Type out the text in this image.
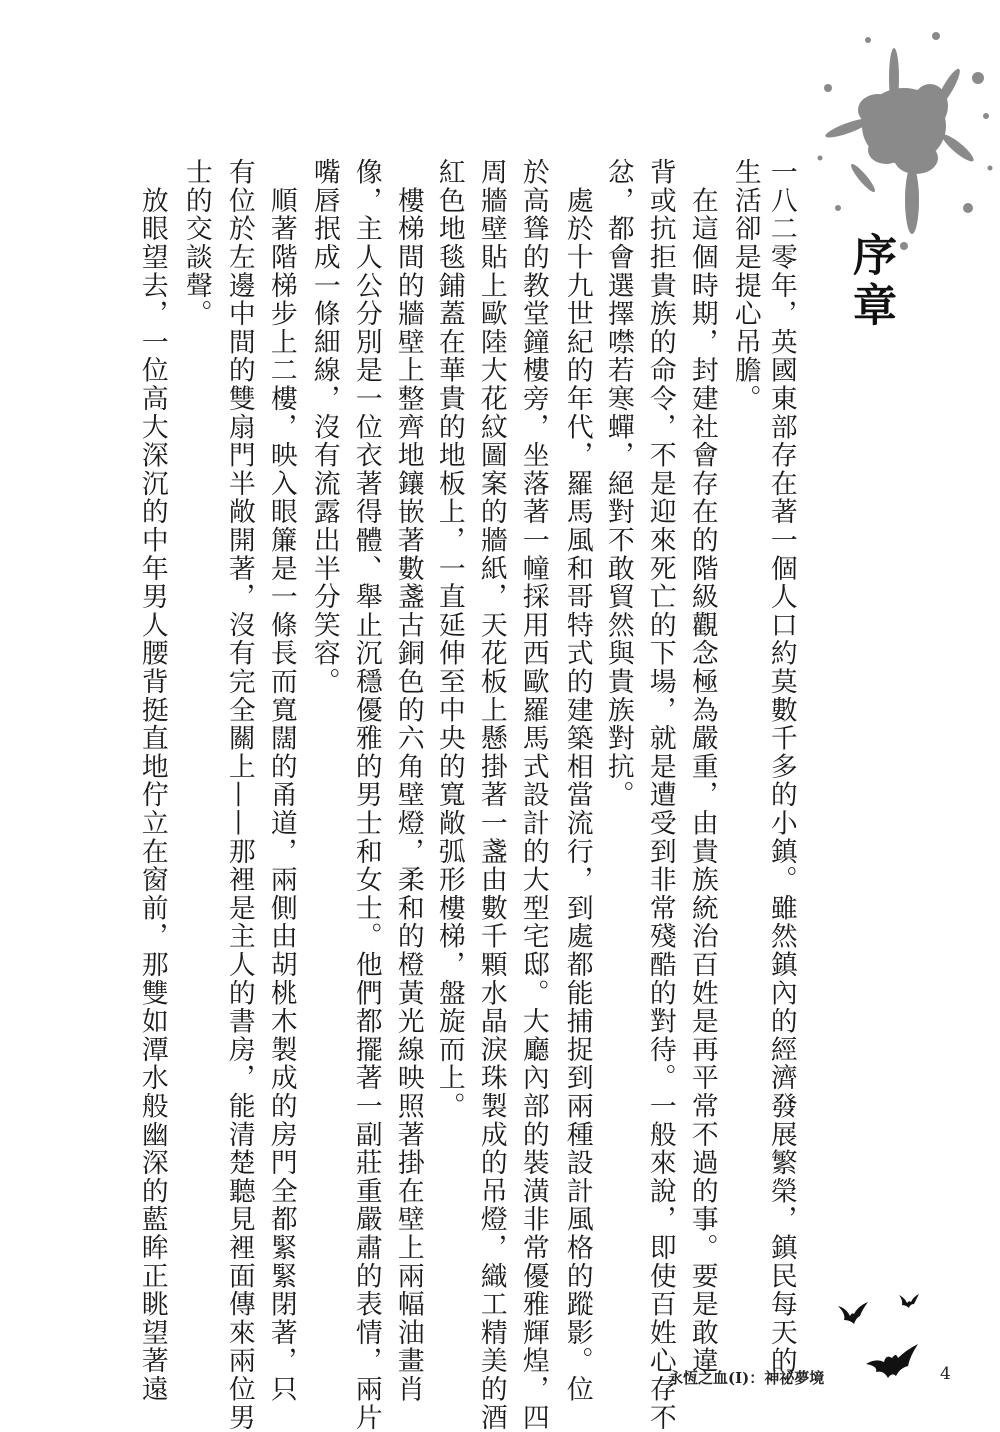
序章
一八二零年，英國東部存在著一個人口約莫數千多的小鎮。雖然鎮內的經濟發展繁榮，鎮民每天的
生活卻是提心吊膽。
　在這個時期，封建社會存在的階級觀念極為嚴重，由貴族統治百姓是再平常不過的事。要是敢違
背或抗拒貴族的命令，不是迎來死亡的下場，就是遭受到非常殘酷的對待。一般來說，即使百姓心存不
忿，都會選擇噤若寒蟬，絕對不敢貿然與貴族對抗。
　處於十九世紀的年代，羅馬風和哥特式的建築相當流行，到處都能捕捉到兩種設計風格的蹤影。位
於高聳的教堂鐘樓旁，坐落著一幢採用西歐羅馬式設計的大型宅邸。大廳內部的裝潢非常優雅輝煌，四
周牆壁貼上歐陸大花紋圖案的牆紙，天花板上懸掛著一盞由數千顆水晶淚珠製成的吊燈，織工精美的酒
紅色地毯鋪蓋在華貴的地板上，一直延伸至中央的寬敞弧形樓梯，盤旋而上。
　樓梯間的牆壁上整齊地鑲嵌著數盞古銅色的六角壁燈，柔和的橙黃光線映照著掛在壁上兩幅油畫肖
像，主人公分別是一位衣著得體、舉止沉穩優雅的男士和女士。他們都擺著一副莊重嚴肅的表情，兩片
嘴唇抿成一條細線，沒有流露出半分笑容。
　順著階梯步上二樓，映入眼簾是一條長而寬闊的甬道，兩側由胡桃木製成的房門全都緊緊閉著，只
有位於左邊中間的雙扇門半敞開著，沒有完全關上——那裡是主人的書房，能清楚聽見裡面傳來兩位男
士的交談聲。
　放眼望去，一位高大深沉的中年男人腰背挺直地佇立在窗前，那雙如潭水般幽深的藍眸正眺望著遠	永恆之血(I)：神祕夢境	4
